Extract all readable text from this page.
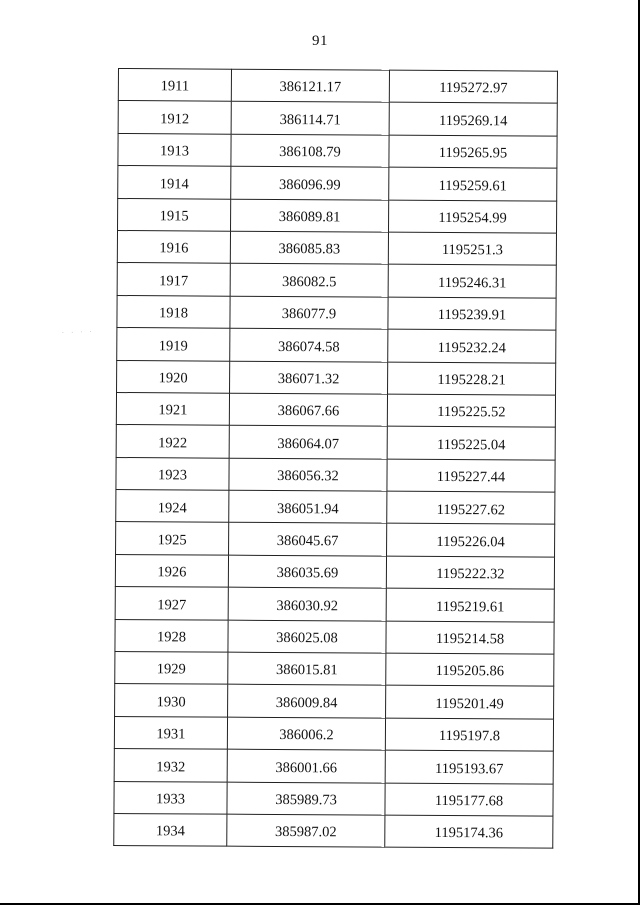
91
· · · ·
1911	386121.17	1195272.97
1912	386114.71	1195269.14
1913	386108.79	1195265.95
1914	386096.99	1195259.61
1915	386089.81	1195254.99
1916	386085.83	1195251.3
1917	386082.5	1195246.31
1918	386077.9	1195239.91
1919	386074.58	1195232.24
1920	386071.32	1195228.21
1921	386067.66	1195225.52
1922	386064.07	1195225.04
1923	386056.32	1195227.44
1924	386051.94	1195227.62
1925	386045.67	1195226.04
1926	386035.69	1195222.32
1927	386030.92	1195219.61
1928	386025.08	1195214.58
1929	386015.81	1195205.86
1930	386009.84	1195201.49
1931	386006.2	1195197.8
1932	386001.66	1195193.67
1933	385989.73	1195177.68
1934	385987.02	1195174.36
